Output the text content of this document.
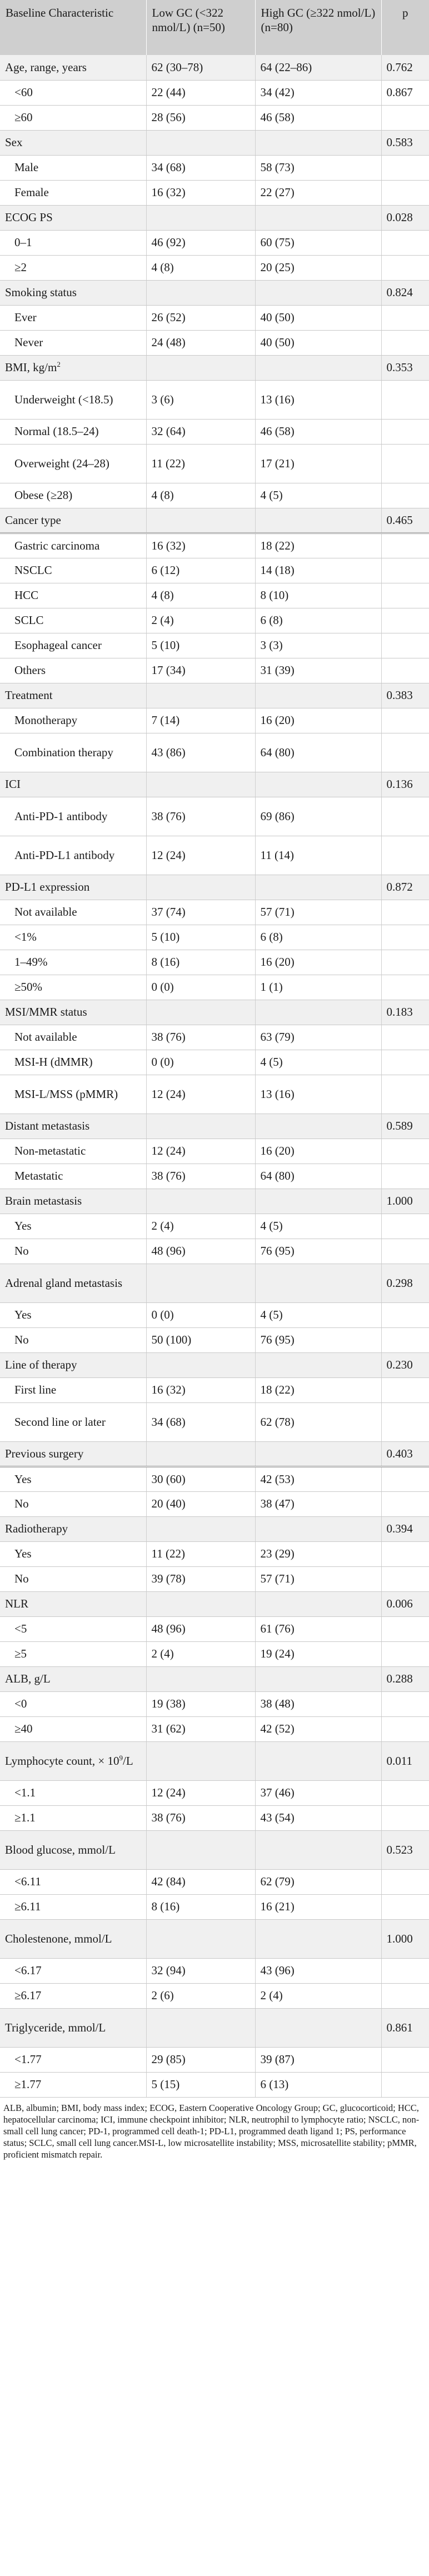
Baseline Characteristic	Low GC (<322 nmol/L) (n=50)	High GC (≥322 nmol/L) (n=80)	p
Age, range, years	62 (30–78)	64 (22–86)	0.762
<60	22 (44)	34 (42)	0.867
≥60	28 (56)	46 (58)	
Sex			0.583
Male	34 (68)	58 (73)	
Female	16 (32)	22 (27)	
ECOG PS			0.028
0–1	46 (92)	60 (75)	
≥2	4 (8)	20 (25)	
Smoking status			0.824
Ever	26 (52)	40 (50)	
Never	24 (48)	40 (50)	
BMI, $kg/m^2$			0.353
Underweight (<18.5)	3 (6)	13 (16)	
Normal (18.5–24)	32 (64)	46 (58)	
Overweight (24–28)	11 (22)	17 (21)	
Obese (≥28)	4 (8)	4 (5)	
Cancer type			0.465
Gastric carcinoma	16 (32)	18 (22)	
NSCLC	6 (12)	14 (18)	
HCC	4 (8)	8 (10)	
SCLC	2 (4)	6 (8)	
Esophageal cancer	5 (10)	3 (3)	
Others	17 (34)	31 (39)	
Treatment			0.383
Monotherapy	7 (14)	16 (20)	
Combination therapy	43 (86)	64 (80)	
ICI			0.136
Anti-PD-1 antibody	38 (76)	69 (86)	
Anti-PD-L1 antibody	12 (24)	11 (14)	
PD-L1 expression			0.872
Not available	37 (74)	57 (71)	
<1%	5 (10)	6 (8)	
1–49%	8 (16)	16 (20)	
≥50%	0 (0)	1 (1)	
MSI/MMR status			0.183
Not available	38 (76)	63 (79)	
MSI-H (dMMR)	0 (0)	4 (5)	
MSI-L/MSS (pMMR)	12 (24)	13 (16)	
Distant metastasis			0.589
Non-metastatic	12 (24)	16 (20)	
Metastatic	38 (76)	64 (80)	
Brain metastasis			1.000
Yes	2 (4)	4 (5)	
No	48 (96)	76 (95)	
Adrenal gland metastasis			0.298
Yes	0 (0)	4 (5)	
No	50 (100)	76 (95)	
Line of therapy			0.230
First line	16 (32)	18 (22)	
Second line or later	34 (68)	62 (78)	
Previous surgery			0.403
Yes	30 (60)	42 (53)	
No	20 (40)	38 (47)	
Radiotherapy			0.394
Yes	11 (22)	23 (29)	
No	39 (78)	57 (71)	
NLR			0.006
<5	48 (96)	61 (76)	
≥5	2 (4)	19 (24)	
ALB, g/L			0.288
<0	19 (38)	38 (48)	
≥40	31 (62)	42 (52)	
Lymphocyte count, × $10^9/L$			0.011
<1.1	12 (24)	37 (46)	
≥1.1	38 (76)	43 (54)	
Blood glucose, mmol/L			0.523
<6.11	42 (84)	62 (79)	
≥6.11	8 (16)	16 (21)	
Cholestenone, mmol/L			1.000
<6.17	32 (94)	43 (96)	
≥6.17	2 (6)	2 (4)	
Triglyceride, mmol/L			0.861
<1.77	29 (85)	39 (87)	
≥1.77	5 (15)	6 (13)	
ALB, albumin; BMI, body mass index; ECOG, Eastern Cooperative Oncology Group; GC, glucocorticoid; HCC, hepatocellular carcinoma; ICI, immune checkpoint inhibitor; NLR, neutrophil to lymphocyte ratio; NSCLC, non-small cell lung cancer; PD-1, programmed cell death-1; PD-L1, programmed death ligand 1; PS, performance status; SCLC, small cell lung cancer.MSI-L, low microsatellite instability; MSS, microsatellite stability; pMMR, proficient mismatch repair.
